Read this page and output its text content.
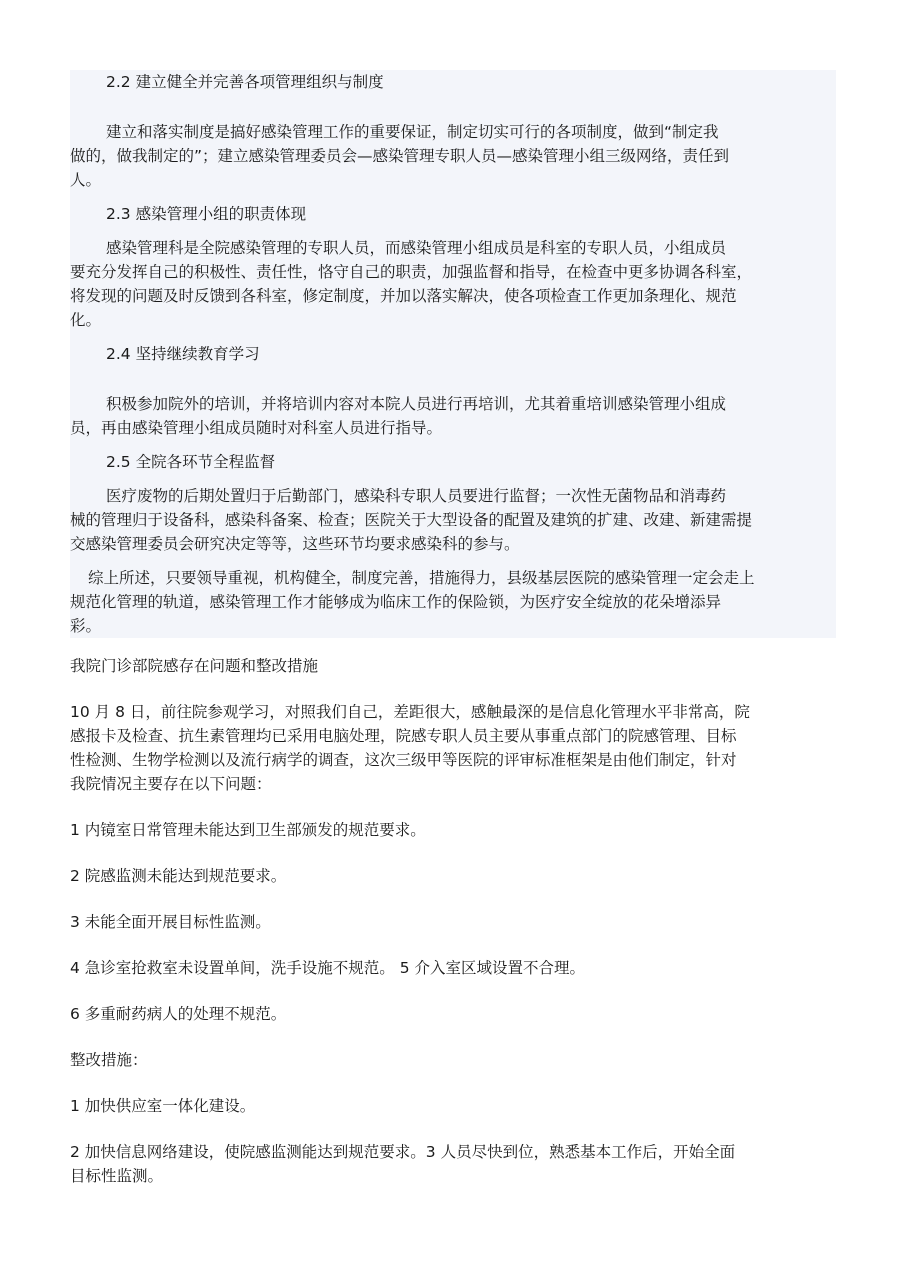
2.2 建立健全并完善各项管理组织与制度
建立和落实制度是搞好感染管理工作的重要保证，制定切实可行的各项制度，做到“制定我
做的，做我制定的”；建立感染管理委员会—感染管理专职人员—感染管理小组三级网络，责任到
人。
2.3 感染管理小组的职责体现
感染管理科是全院感染管理的专职人员，而感染管理小组成员是科室的专职人员，小组成员
要充分发挥自己的积极性、责任性，恪守自己的职责，加强监督和指导，在检查中更多协调各科室，
将发现的问题及时反馈到各科室，修定制度，并加以落实解决，使各项检查工作更加条理化、规范
化。
2.4 坚持继续教育学习
积极参加院外的培训，并将培训内容对本院人员进行再培训，尤其着重培训感染管理小组成
员，再由感染管理小组成员随时对科室人员进行指导。
2.5 全院各环节全程监督
医疗废物的后期处置归于后勤部门，感染科专职人员要进行监督；一次性无菌物品和消毒药
械的管理归于设备科，感染科备案、检查；医院关于大型设备的配置及建筑的扩建、改建、新建需提
交感染管理委员会研究决定等等，这些环节均要求感染科的参与。
综上所述，只要领导重视，机构健全，制度完善，措施得力，县级基层医院的感染管理一定会走上
规范化管理的轨道，感染管理工作才能够成为临床工作的保险锁，为医疗安全绽放的花朵增添异
彩。
我院门诊部院感存在问题和整改措施
10 月 8 日，前往院参观学习，对照我们自己，差距很大，感触最深的是信息化管理水平非常高，院
感报卡及检查、抗生素管理均已采用电脑处理，院感专职人员主要从事重点部门的院感管理、目标
性检测、生物学检测以及流行病学的调查，这次三级甲等医院的评审标准框架是由他们制定，针对
我院情况主要存在以下问题：
1 内镜室日常管理未能达到卫生部颁发的规范要求。
2 院感监测未能达到规范要求。
3 未能全面开展目标性监测。
4 急诊室抢救室未设置单间，洗手设施不规范。 5 介入室区域设置不合理。
6 多重耐药病人的处理不规范。
整改措施：
1 加快供应室一体化建设。
2 加快信息网络建设，使院感监测能达到规范要求。3 人员尽快到位，熟悉基本工作后，开始全面
目标性监测。
